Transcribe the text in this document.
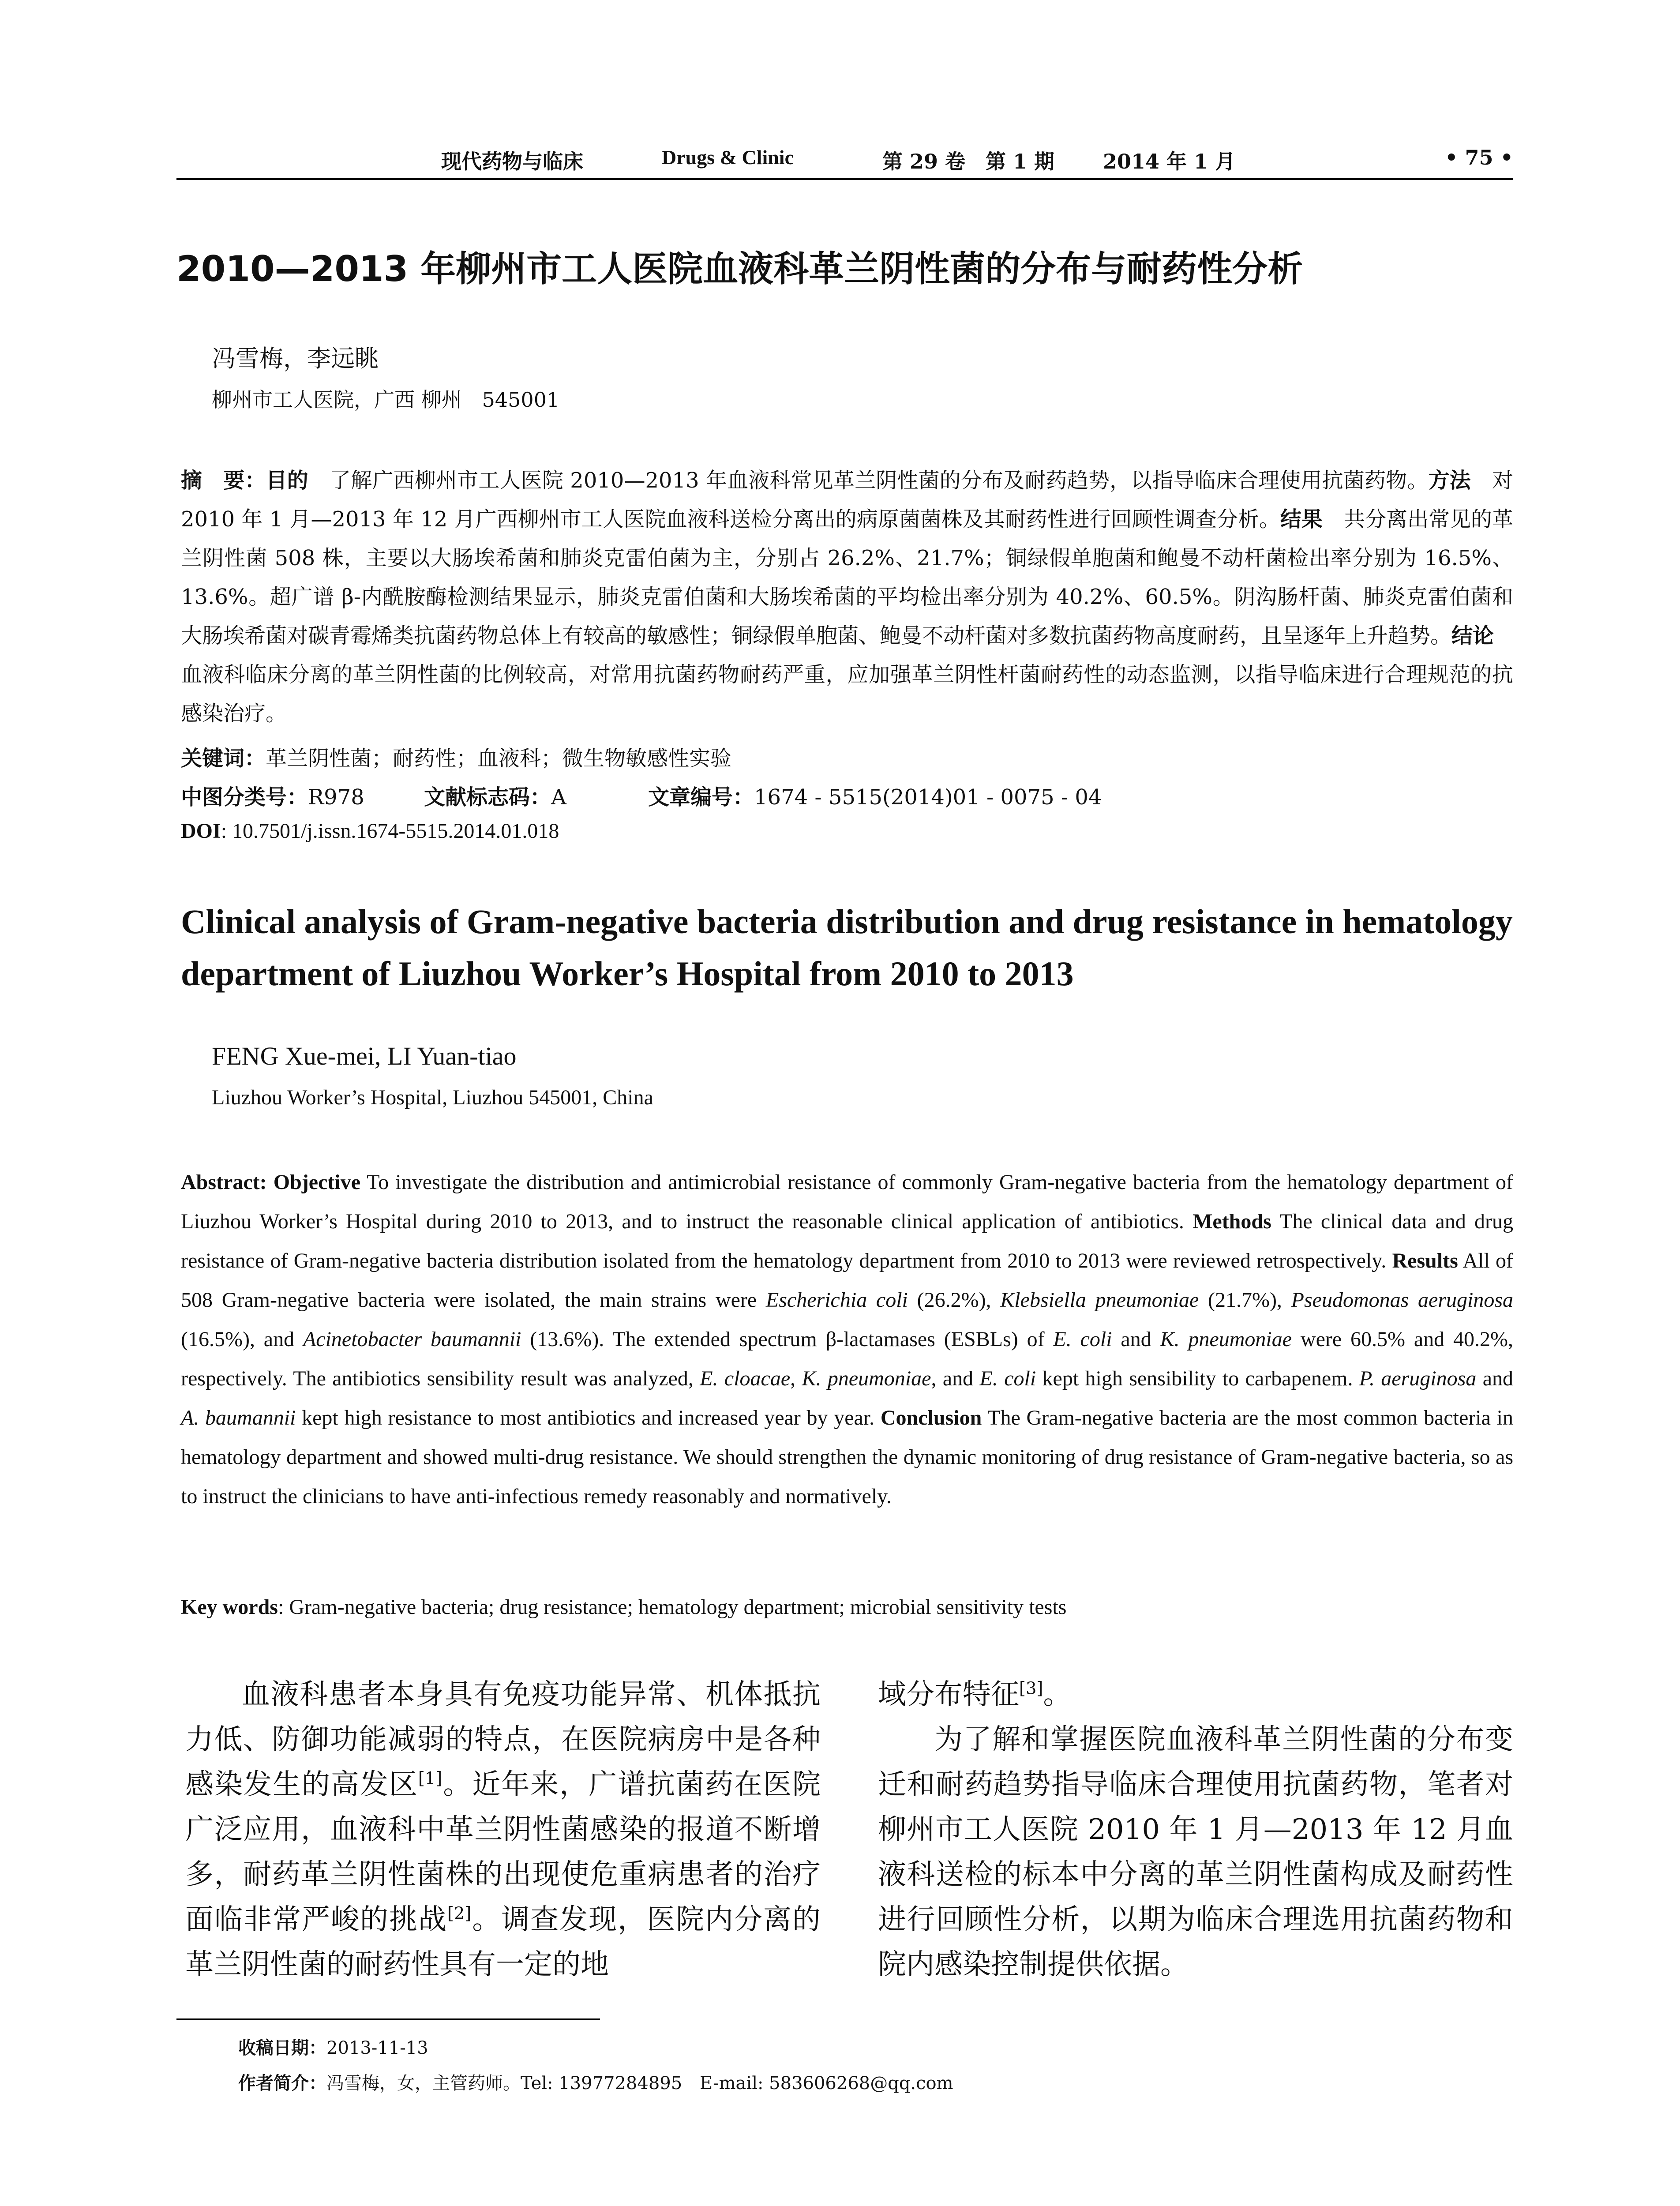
现代药物与临床	Drugs & Clinic	第 29 卷　第 1 期 2014 年 1 月	• 75 •
2010—2013 年柳州市工人医院血液科革兰阴性菌的分布与耐药性分析
冯雪梅，李远眺
柳州市工人医院，广西 柳州　545001
摘　要：目的　了解广西柳州市工人医院 2010—2013 年血液科常见革兰阴性菌的分布及耐药趋势，以指导临床合理使用抗菌药物。方法　对 2010 年 1 月—2013 年 12 月广西柳州市工人医院血液科送检分离出的病原菌菌株及其耐药性进行回顾性调查分析。结果　共分离出常见的革兰阴性菌 508 株，主要以大肠埃希菌和肺炎克雷伯菌为主，分别占 26.2%、21.7%；铜绿假单胞菌和鲍曼不动杆菌检出率分别为 16.5%、13.6%。超广谱 β-内酰胺酶检测结果显示，肺炎克雷伯菌和大肠埃希菌的平均检出率分别为 40.2%、60.5%。阴沟肠杆菌、肺炎克雷伯菌和大肠埃希菌对碳青霉烯类抗菌药物总体上有较高的敏感性；铜绿假单胞菌、鲍曼不动杆菌对多数抗菌药物高度耐药，且呈逐年上升趋势。结论　血液科临床分离的革兰阴性菌的比例较高，对常用抗菌药物耐药严重，应加强革兰阴性杆菌耐药性的动态监测，以指导临床进行合理规范的抗感染治疗。
关键词：革兰阴性菌；耐药性；血液科；微生物敏感性实验
中图分类号：R978	文献标志码：A	文章编号：1674 - 5515(2014)01 - 0075 - 04
DOI: 10.7501/j.issn.1674-5515.2014.01.018
Clinical analysis of Gram-negative bacteria distribution and drug resistance in hematology department of Liuzhou Worker’s Hospital from 2010 to 2013
FENG Xue-mei, LI Yuan-tiao
Liuzhou Worker’s Hospital, Liuzhou 545001, China
Abstract: Objective To investigate the distribution and antimicrobial resistance of commonly Gram-negative bacteria from the hematology department of Liuzhou Worker’s Hospital during 2010 to 2013, and to instruct the reasonable clinical application of antibiotics. Methods The clinical data and drug resistance of Gram-negative bacteria distribution isolated from the hematology department from 2010 to 2013 were reviewed retrospectively. Results All of 508 Gram-negative bacteria were isolated, the main strains were Escherichia coli (26.2%), Klebsiella pneumoniae (21.7%), Pseudomonas aeruginosa (16.5%), and Acinetobacter baumannii (13.6%). The extended spectrum β-lactamases (ESBLs) of E. coli and K. pneumoniae were 60.5% and 40.2%, respectively. The antibiotics sensibility result was analyzed, E. cloacae, K. pneumoniae, and E. coli kept high sensibility to carbapenem. P. aeruginosa and A. baumannii kept high resistance to most antibiotics and increased year by year. Conclusion The Gram-negative bacteria are the most common bacteria in hematology department and showed multi-drug resistance. We should strengthen the dynamic monitoring of drug resistance of Gram-negative bacteria, so as to instruct the clinicians to have anti-infectious remedy reasonably and normatively.
Key words: Gram-negative bacteria; drug resistance; hematology department; microbial sensitivity tests

血液科患者本身具有免疫功能异常、机体抵抗力低、防御功能减弱的特点，在医院病房中是各种感染发生的高发区[1]。近年来，广谱抗菌药在医院广泛应用，血液科中革兰阴性菌感染的报道不断增多，耐药革兰阴性菌株的出现使危重病患者的治疗面临非常严峻的挑战[2]。调查发现，医院内分离的革兰阴性菌的耐药性具有一定的地

域分布特征[3]。

为了解和掌握医院血液科革兰阴性菌的分布变迁和耐药趋势指导临床合理使用抗菌药物，笔者对柳州市工人医院 2010 年 1 月—2013 年 12 月血液科送检的标本中分离的革兰阴性菌构成及耐药性进行回顾性分析，以期为临床合理选用抗菌药物和院内感染控制提供依据。

收稿日期：2013-11-13
作者简介：冯雪梅，女，主管药师。Tel: 13977284895　E-mail: 583606268@qq.com
